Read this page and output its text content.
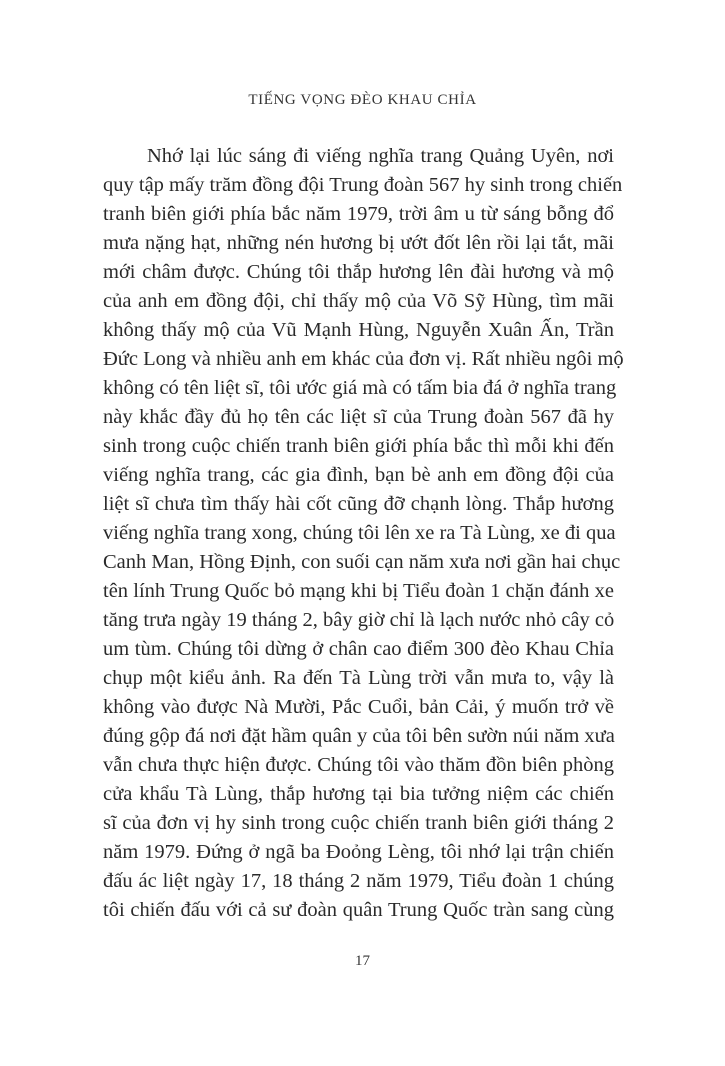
TIẾNG VỌNG ĐÈO KHAU CHỈA
Nhớ lại lúc sáng đi viếng nghĩa trang Quảng Uyên, nơi
quy tập mấy trăm đồng đội Trung đoàn 567 hy sinh trong chiến
tranh biên giới phía bắc năm 1979, trời âm u từ sáng bỗng đổ
mưa nặng hạt, những nén hương bị ướt đốt lên rồi lại tắt, mãi
mới châm được. Chúng tôi thắp hương lên đài hương và mộ
của anh em đồng đội, chỉ thấy mộ của Võ Sỹ Hùng, tìm mãi
không thấy mộ của Vũ Mạnh Hùng, Nguyễn Xuân Ấn, Trần
Đức Long và nhiều anh em khác của đơn vị. Rất nhiều ngôi mộ
không có tên liệt sĩ, tôi ước giá mà có tấm bia đá ở nghĩa trang
này khắc đầy đủ họ tên các liệt sĩ của Trung đoàn 567 đã hy
sinh trong cuộc chiến tranh biên giới phía bắc thì mỗi khi đến
viếng nghĩa trang, các gia đình, bạn bè anh em đồng đội của
liệt sĩ chưa tìm thấy hài cốt cũng đỡ chạnh lòng. Thắp hương
viếng nghĩa trang xong, chúng tôi lên xe ra Tà Lùng, xe đi qua
Canh Man, Hồng Định, con suối cạn năm xưa nơi gần hai chục
tên lính Trung Quốc bỏ mạng khi bị Tiểu đoàn 1 chặn đánh xe
tăng trưa ngày 19 tháng 2, bây giờ chỉ là lạch nước nhỏ cây cỏ
um tùm. Chúng tôi dừng ở chân cao điểm 300 đèo Khau Chỉa
chụp một kiểu ảnh. Ra đến Tà Lùng trời vẫn mưa to, vậy là
không vào được Nà Mười, Pắc Cuổi, bản Cải, ý muốn trở về
đúng gộp đá nơi đặt hầm quân y của tôi bên sườn núi năm xưa
vẫn chưa thực hiện được. Chúng tôi vào thăm đồn biên phòng
cửa khẩu Tà Lùng, thắp hương tại bia tưởng niệm các chiến
sĩ của đơn vị hy sinh trong cuộc chiến tranh biên giới tháng 2
năm 1979. Đứng ở ngã ba Đoỏng Lèng, tôi nhớ lại trận chiến
đấu ác liệt ngày 17, 18 tháng 2 năm 1979, Tiểu đoàn 1 chúng
tôi chiến đấu với cả sư đoàn quân Trung Quốc tràn sang cùng
17
